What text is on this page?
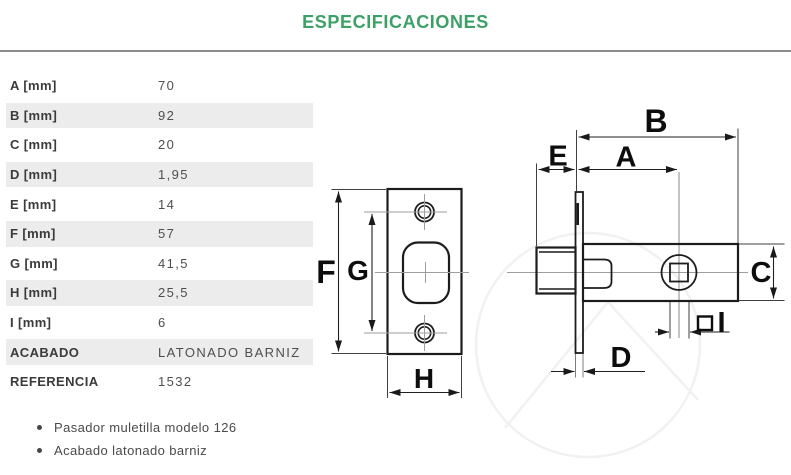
ESPECIFICACIONES
A [mm]	70
B [mm]	92
C [mm]	20
D [mm]	1,95
E [mm]	14
F [mm]	57
G [mm]	41,5
H [mm]	25,5
I [mm]	6
ACABADO	LATONADO BARNIZ
REFERENCIA	1532
Pasador muletilla modelo 126
Acabado latonado barniz
F G
H
B
A
E
C
D
I
